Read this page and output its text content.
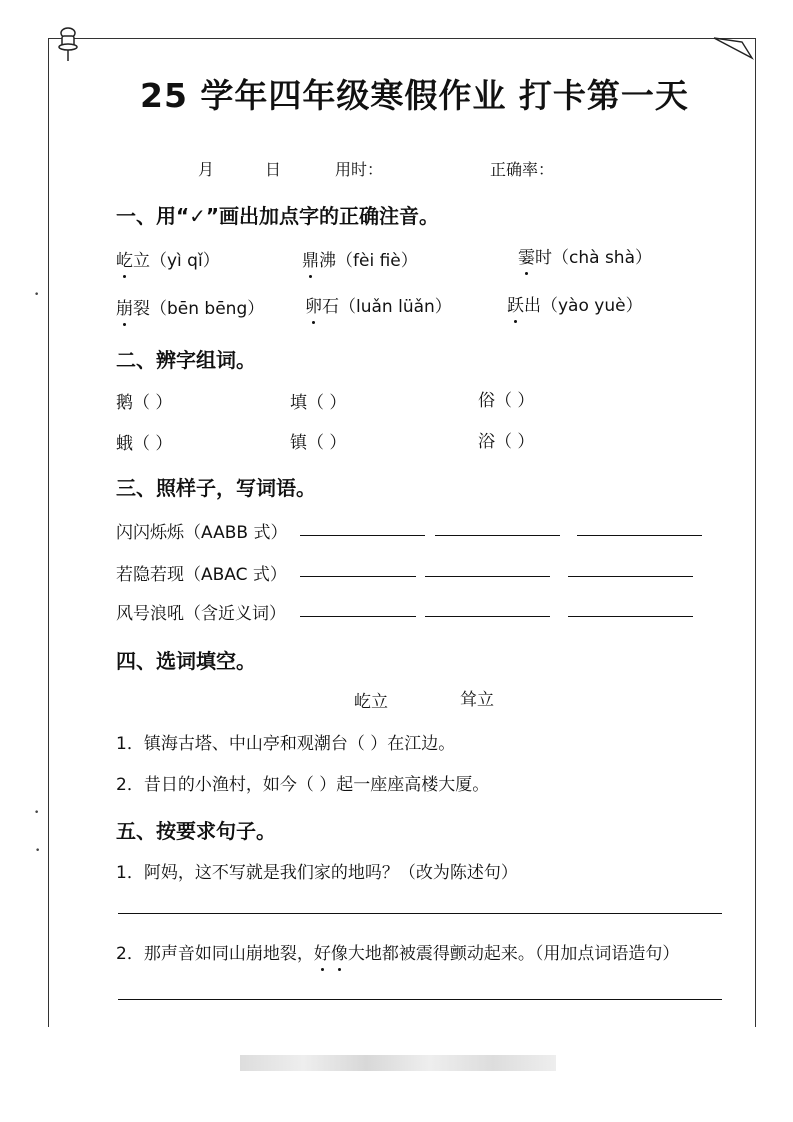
25 学年四年级寒假作业 打卡第一天
月	日	用时：	正确率：
一、用“✓”画出加点字的正确注音。
屹立（yì qǐ）	鼎沸（fèi fiè）	霎时（chà shà）
崩裂（bēn bēng） 卵石（luǎn lüǎn）	跃出（yào yuè）
二、辨字组词。
鹅（ ）	填（ ）	俗（ ）
蛾（ ）	镇（ ）	浴（ ）
三、照样子，写词语。
闪闪烁烁（AABB 式）
若隐若现（ABAC 式）
风号浪吼（含近义词）
四、选词填空。
屹立	耸立
1．镇海古塔、中山亭和观潮台（ ）在江边。
2．昔日的小渔村，如今（ ）起一座座高楼大厦。
五、按要求句子。
1．阿妈，这不写就是我们家的地吗？（改为陈述句）
2．那声音如同山崩地裂，好像大地都被震得颤动起来。（用加点词语造句）
•
•
•
